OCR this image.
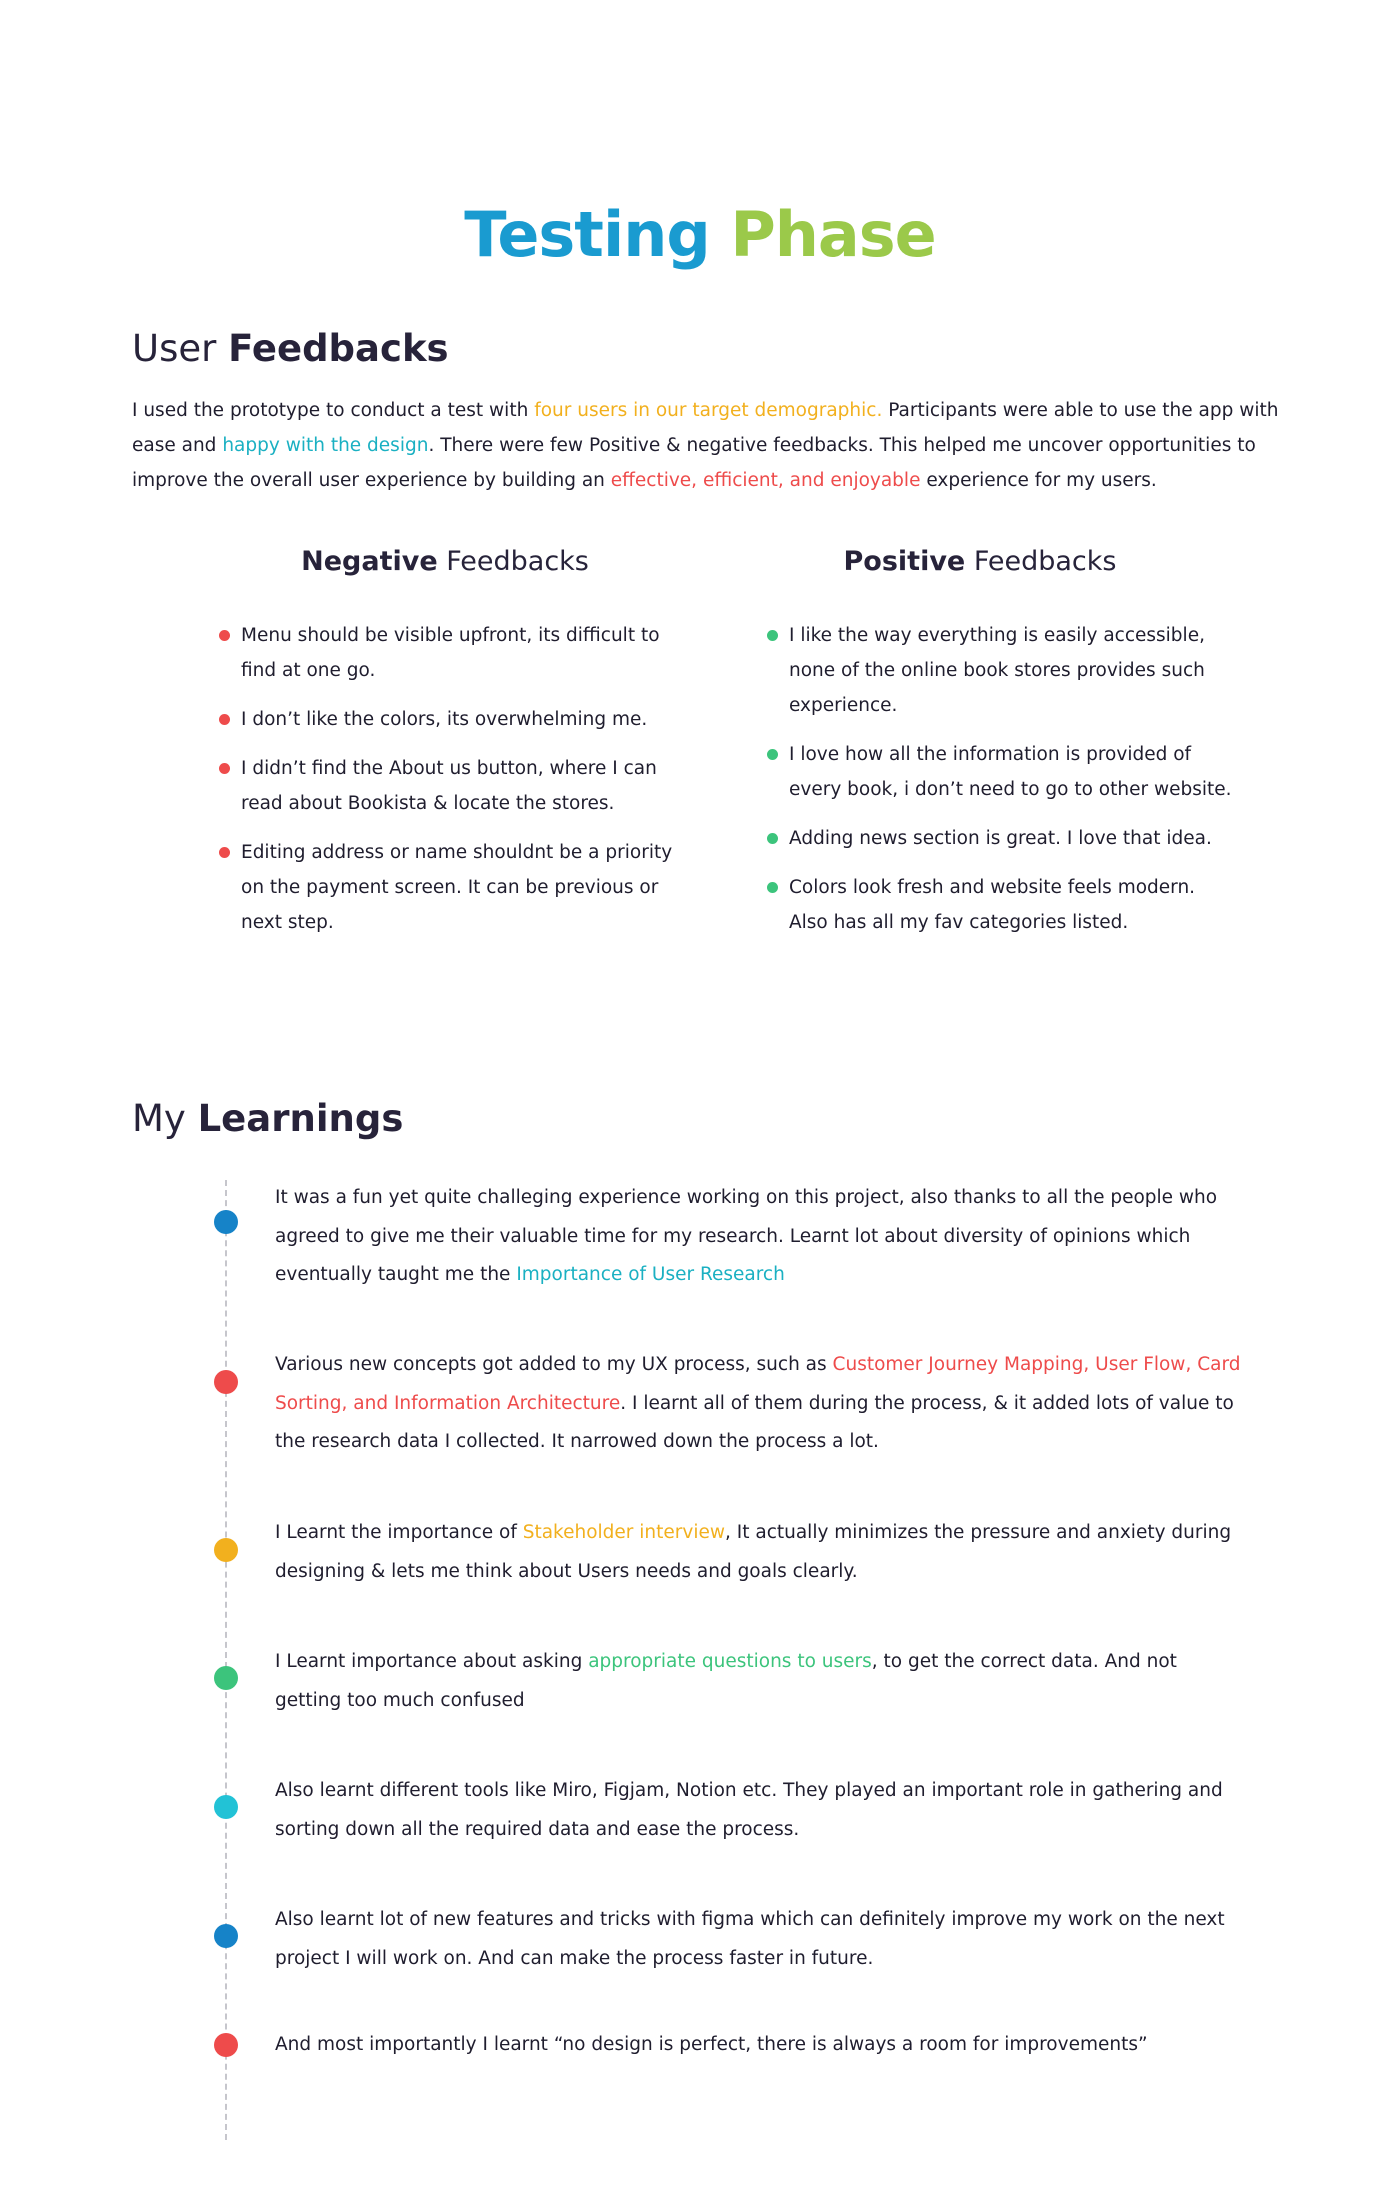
Testing Phase
User Feedbacks

I used the prototype to conduct a test with four users in our target demographic. Participants were able to use the app with ease and happy with the design. There were few Positive & negative feedbacks. This helped me uncover opportunities to improve the overall user experience by building an effective, efficient, and enjoyable experience for my users.

Negative Feedbacks	Positive Feedbacks
Menu should be visible upfront, its difficult to find at one go.
I don’t like the colors, its overwhelming me.
I didn’t find the About us button, where I can read about Bookista & locate the stores.
Editing address or name shouldnt be a priority on the payment screen. It can be previous or next step.
I like the way everything is easily accessible, none of the online book stores provides such experience.
I love how all the information is provided of every book, i don’t need to go to other website.
Adding news section is great. I love that idea.
Colors look fresh and website feels modern. Also has all my fav categories listed.
My Learnings

It was a fun yet quite challeging experience working on this project, also thanks to all the people who agreed to give me their valuable time for my research. Learnt lot about diversity of opinions which eventually taught me the Importance of User Research

Various new concepts got added to my UX process, such as Customer Journey Mapping, User Flow, Card Sorting, and Information Architecture. I learnt all of them during the process, & it added lots of value to the research data I collected. It narrowed down the process a lot.

I Learnt the importance of Stakeholder interview, It actually minimizes the pressure and anxiety during designing & lets me think about Users needs and goals clearly.

I Learnt importance about asking appropriate questions to users, to get the correct data. And not getting too much confused

Also learnt different tools like Miro, Figjam, Notion etc. They played an important role in gathering and sorting down all the required data and ease the process.

Also learnt lot of new features and tricks with figma which can definitely improve my work on the next project I will work on. And can make the process faster in future.

And most importantly I learnt “no design is perfect, there is always a room for improvements”
